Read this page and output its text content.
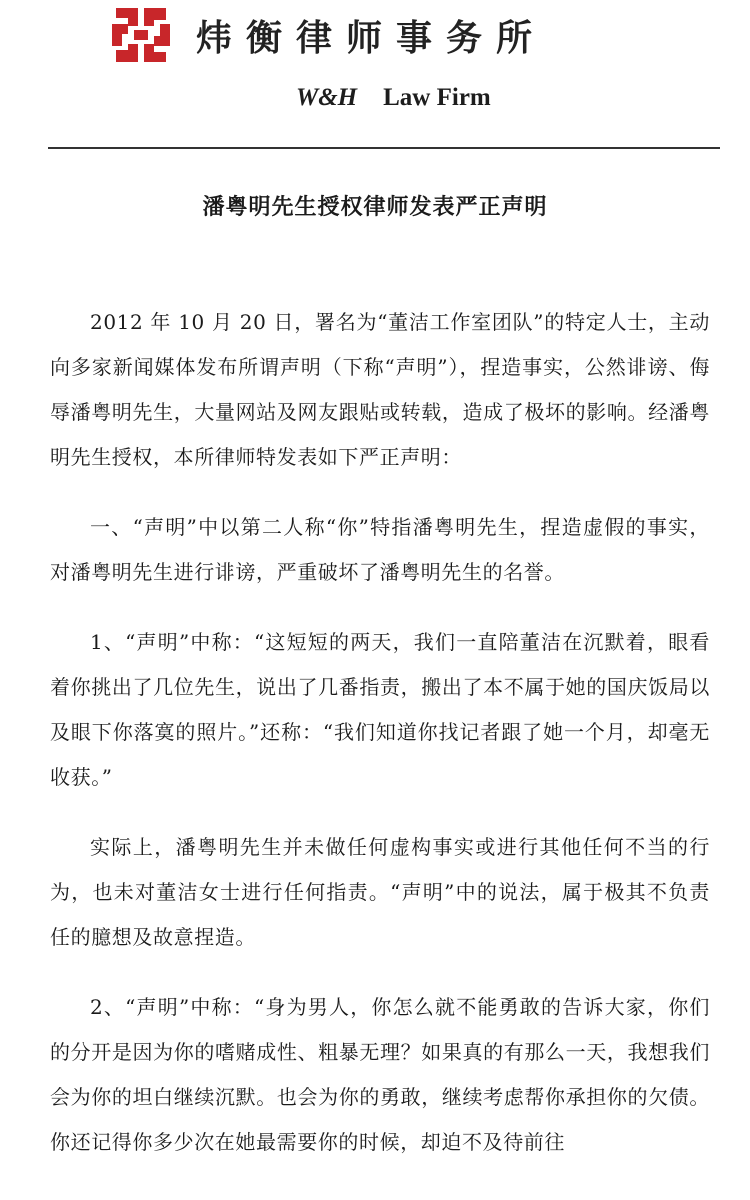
炜衡律师事务所
W&H Law Firm
潘粤明先生授权律师发表严正声明

2012 年 10 月 20 日，署名为“董洁工作室团队”的特定人士，主动向多家新闻媒体发布所谓声明（下称“声明”），捏造事实，公然诽谤、侮辱潘粤明先生，大量网站及网友跟贴或转载，造成了极坏的影响。经潘粤明先生授权，本所律师特发表如下严正声明：

一、“声明”中以第二人称“你”特指潘粤明先生，捏造虚假的事实，对潘粤明先生进行诽谤，严重破坏了潘粤明先生的名誉。

1、“声明”中称：“这短短的两天，我们一直陪董洁在沉默着，眼看着你挑出了几位先生，说出了几番指责，搬出了本不属于她的国庆饭局以及眼下你落寞的照片。”还称：“我们知道你找记者跟了她一个月，却毫无收获。”

实际上，潘粤明先生并未做任何虚构事实或进行其他任何不当的行为，也未对董洁女士进行任何指责。“声明”中的说法，属于极其不负责任的臆想及故意捏造。

2、“声明”中称：“身为男人，你怎么就不能勇敢的告诉大家，你们的分开是因为你的嗜赌成性、粗暴无理？如果真的有那么一天，我想我们会为你的坦白继续沉默。也会为你的勇敢，继续考虑帮你承担你的欠债。你还记得你多少次在她最需要你的时候，却迫不及待前往
